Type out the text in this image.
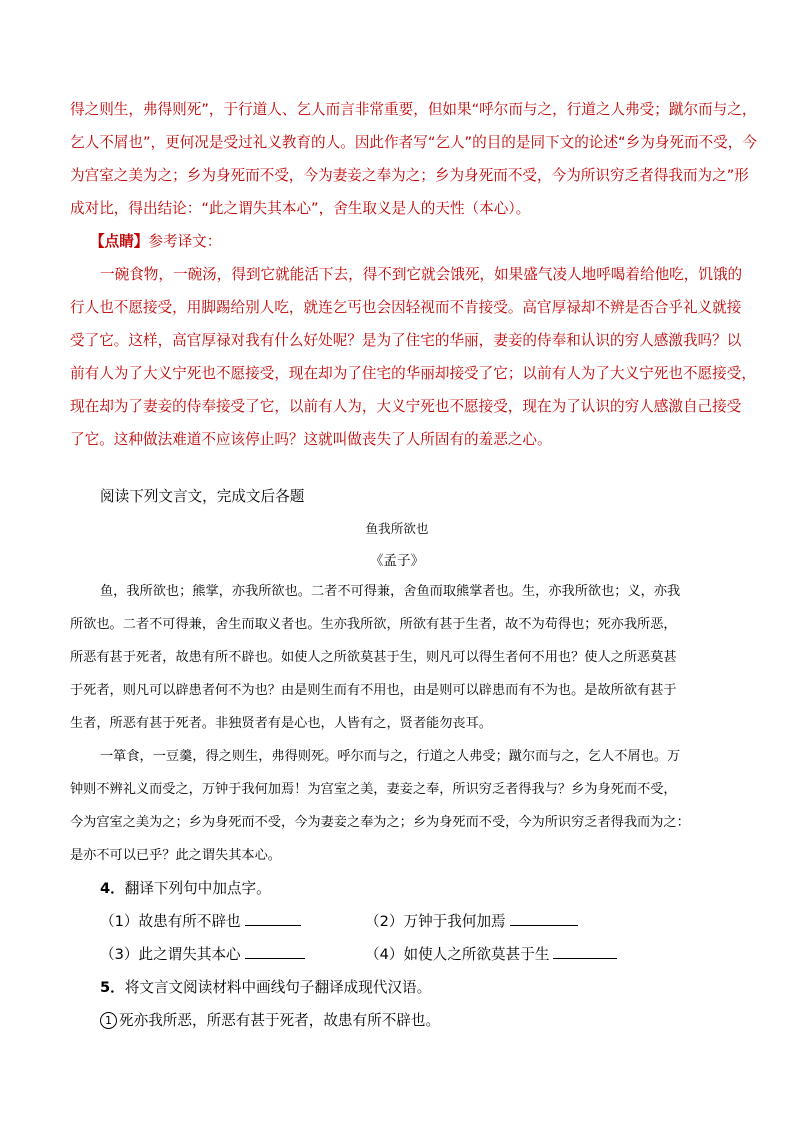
得之则生，弗得则死”，于行道人、乞人而言非常重要，但如果“呼尔而与之，行道之人弗受；蹴尔而与之，
乞人不屑也”，更何况是受过礼义教育的人。因此作者写“乞人”的目的是同下文的论述“乡为身死而不受，今
为宫室之美为之；乡为身死而不受，今为妻妾之奉为之；乡为身死而不受，今为所识穷乏者得我而为之”形
成对比，得出结论：“此之谓失其本心”，舍生取义是人的天性（本心）。
【点睛】参考译文：
一碗食物，一碗汤，得到它就能活下去，得不到它就会饿死，如果盛气凌人地呼喝着给他吃，饥饿的
行人也不愿接受，用脚踢给别人吃，就连乞丐也会因轻视而不肯接受。高官厚禄却不辨是否合乎礼义就接
受了它。这样，高官厚禄对我有什么好处呢？是为了住宅的华丽，妻妾的侍奉和认识的穷人感激我吗？以
前有人为了大义宁死也不愿接受，现在却为了住宅的华丽却接受了它；以前有人为了大义宁死也不愿接受，
现在却为了妻妾的侍奉接受了它，以前有人为，大义宁死也不愿接受，现在为了认识的穷人感激自己接受
了它。这种做法难道不应该停止吗？这就叫做丧失了人所固有的羞恶之心。
阅读下列文言文，完成文后各题
鱼我所欲也
《孟子》
鱼，我所欲也；熊掌，亦我所欲也。二者不可得兼，舍鱼而取熊掌者也。生，亦我所欲也；义，亦我
所欲也。二者不可得兼，舍生而取义者也。生亦我所欲，所欲有甚于生者，故不为苟得也；死亦我所恶，
所恶有甚于死者，故患有所不辟也。如使人之所欲莫甚于生，则凡可以得生者何不用也？使人之所恶莫甚
于死者，则凡可以辟患者何不为也？由是则生而有不用也，由是则可以辟患而有不为也。是故所欲有甚于
生者，所恶有甚于死者。非独贤者有是心也，人皆有之，贤者能勿丧耳。
一箪食，一豆羹，得之则生，弗得则死。呼尔而与之，行道之人弗受；蹴尔而与之，乞人不屑也。万
钟则不辨礼义而受之，万钟于我何加焉！为宫室之美，妻妾之奉，所识穷乏者得我与？乡为身死而不受，
今为宫室之美为之；乡为身死而不受，今为妻妾之奉为之；乡为身死而不受，今为所识穷乏者得我而为之：
是亦不可以已乎？此之谓失其本心。
4．翻译下列句中加点字。
（1）故患有所不辟也	（2）万钟于我何加焉
（3）此之谓失其本心	（4）如使人之所欲莫甚于生
5．将文言文阅读材料中画线句子翻译成现代汉语。
1 死亦我所恶，所恶有甚于死者，故患有所不辟也。
